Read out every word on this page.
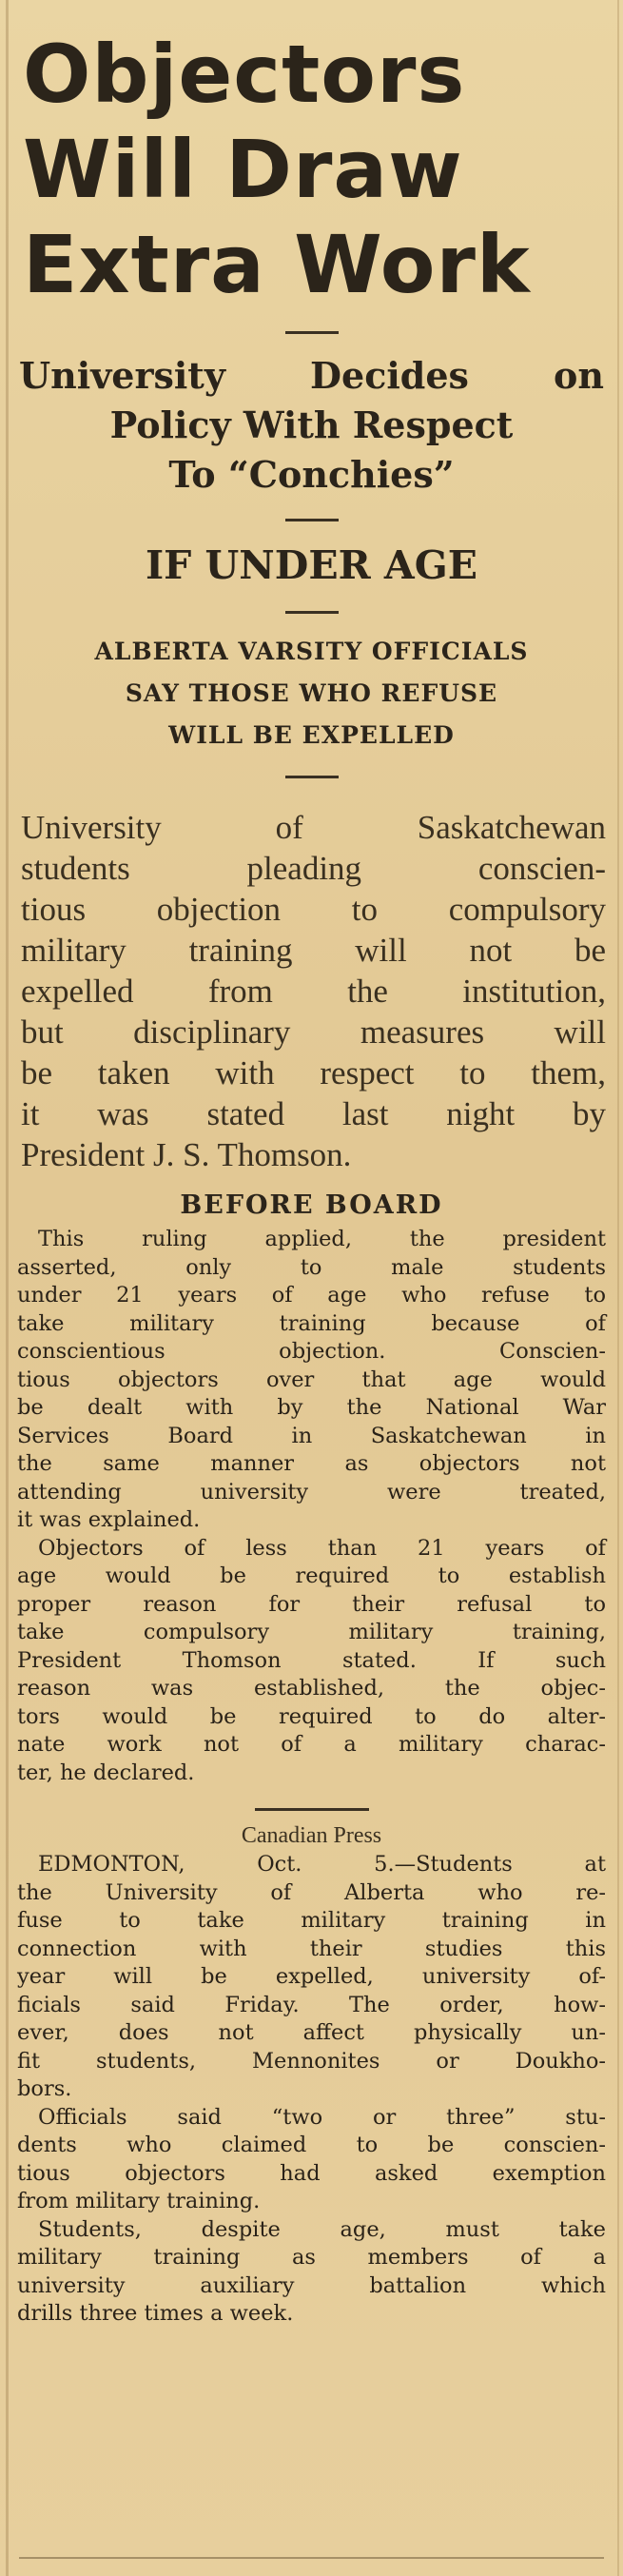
Objectors
Will Draw
Extra Work
University Decides on
Policy With Respect
To “Conchies”
IF UNDER AGE
ALBERTA VARSITY OFFICIALS
SAY THOSE WHO REFUSE
WILL BE EXPELLED
University of Saskatchewan
students pleading conscien-
tious objection to compulsory
military training will not be
expelled from the institution,
but disciplinary measures will
be taken with respect to them,
it was stated last night by
President J. S. Thomson.
BEFORE BOARD

This ruling applied, the president
asserted, only to male students
under 21 years of age who refuse to
take military training because of
conscientious objection. Conscien-
tious objectors over that age would
be dealt with by the National War
Services Board in Saskatchewan in
the same manner as objectors not
attending university were treated,
it was explained.

Objectors of less than 21 years of
age would be required to establish
proper reason for their refusal to
take compulsory military training,
President Thomson stated. If such
reason was established, the objec-
tors would be required to do alter-
nate work not of a military charac-
ter, he declared.

Canadian Press

EDMONTON, Oct. 5.—Students at
the University of Alberta who re-
fuse to take military training in
connection with their studies this
year will be expelled, university of-
ficials said Friday. The order, how-
ever, does not affect physically un-
fit students, Mennonites or Doukho-
bors.

Officials said “two or three” stu-
dents who claimed to be conscien-
tious objectors had asked exemption
from military training.

Students, despite age, must take
military training as members of a
university auxiliary battalion which
drills three times a week.
